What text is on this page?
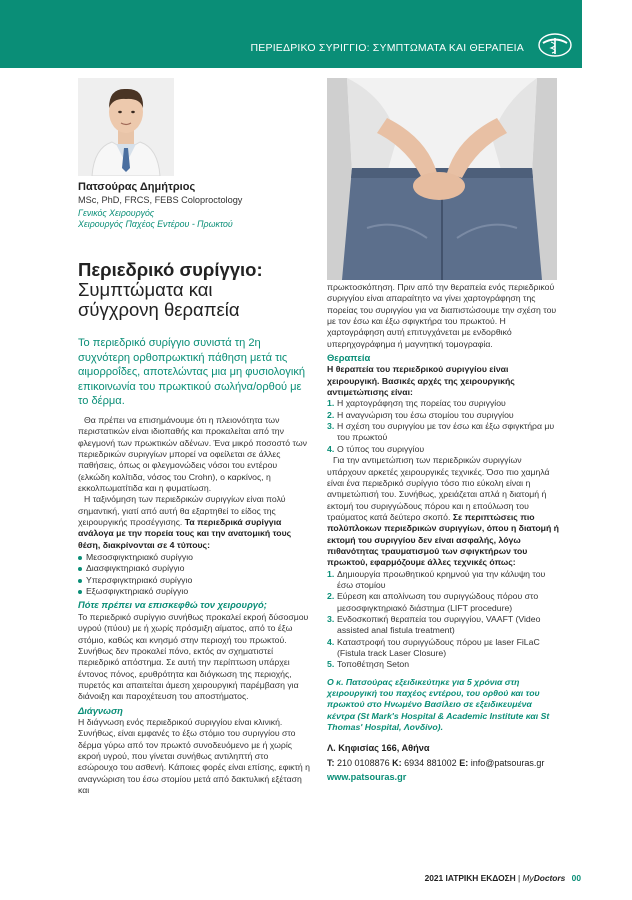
ΠΕΡΙΕΔΡΙΚΟ ΣΥΡΙΓΓΙΟ: ΣΥΜΠΤΩΜΑΤΑ ΚΑΙ ΘΕΡΑΠΕΙΑ

Πατσούρας Δημήτριος

MSc, PhD, FRCS, FEBS Coloproctology

Γενικός Χειρουργός

Χειρουργός Παχέος Εντέρου - Πρωκτού

Περιεδρικό συρίγγιο:
Συμπτώματα και
σύγχρονη θεραπεία

Το περιεδρικό συρίγγιο συνιστά τη 2η συχνότερη ορθοπρωκτική πάθηση μετά τις αιμορροΐδες, αποτελώντας μια μη φυσιολογική επικοινωνία του πρωκτικού σωλήνα/ορθού με το δέρμα.

Θα πρέπει να επισημάνουμε ότι η πλειονότητα των περιστατικών είναι ιδιοπαθής και προκαλείται από την φλεγμονή των πρωκτικών αδένων. Ένα μικρό ποσοστό των περιεδρικών συριγγίων μπορεί να οφείλεται σε άλλες παθήσεις, όπως οι φλεγμονώδεις νόσοι του εντέρου (ελκώδη κολίτιδα, νόσος του Crohn), ο καρκίνος, η εκκολπωματίτιδα και η φυματίωση.

Η ταξινόμηση των περιεδρικών συριγγίων είναι πολύ σημαντική, γιατί από αυτή θα εξαρτηθεί το είδος της χειρουργικής προσέγγισης. Τα περιεδρικά συρίγγια ανάλογα με την πορεία τους και την ανατομική τους θέση, διακρίνονται σε 4 τύπους:

Μεσοσφιγκτηριακό συρίγγιο
Διασφιγκτηριακό συρίγγιο
Υπερσφιγκτηριακό συρίγγιο
Εξωσφιγκτηριακό συρίγγιο

Πότε πρέπει να επισκεφθώ τον χειρουργό;

Το περιεδρικό συρίγγιο συνήθως προκαλεί εκροή δύσοσμου υγρού (πύου) με ή χωρίς πρόσμιξη αίματος, από το έξω στόμιο, καθώς και κνησμό στην περιοχή του πρωκτού. Συνήθως δεν προκαλεί πόνο, εκτός αν σχηματιστεί περιεδρικό απόστημα. Σε αυτή την περίπτωση υπάρχει έντονος πόνος, ερυθρότητα και διόγκωση της περιοχής, πυρετός και απαιτείται άμεση χειρουργική παρέμβαση για διάνοιξη και παροχέτευση του αποστήματος.

Διάγνωση

Η διάγνωση ενός περιεδρικού συριγγίου είναι κλινική. Συνήθως, είναι εμφανές το έξω στόμιο του συριγγίου στο δέρμα γύρω από τον πρωκτό συνοδευόμενο με ή χωρίς εκροή υγρού, που γίνεται συνήθως αντιληπτή στο εσώρουχο του ασθενή. Κάποιες φορές είναι επίσης, εφικτή η αναγνώριση του έσω στομίου μετά από δακτυλική εξέταση και

πρωκτοσκόπηση. Πριν από την θεραπεία ενός περιεδρικού συριγγίου είναι απαραίτητο να γίνει χαρτογράφηση της πορείας του συριγγίου για να διαπιστώσουμε την σχέση του με τον έσω και έξω σφιγκτήρα του πρωκτού. Η χαρτογράφηση αυτή επιτυγχάνεται με ενδορθικό υπερηχογράφημα ή μαγνητική τομογραφία.

Θεραπεία

Η θεραπεία του περιεδρικού συριγγίου είναι χειρουργική. Βασικές αρχές της χειρουργικής αντιμετώπισης είναι:

1. Η χαρτογράφηση της πορείας του συριγγίου
2. Η αναγνώριση του έσω στομίου του συριγγίου
3. Η σχέση του συριγγίου με τον έσω και έξω σφιγκτήρα μυ του πρωκτού
4. Ο τύπος του συριγγίου

Για την αντιμετώπιση των περιεδρικών συριγγίων υπάρχουν αρκετές χειρουργικές τεχνικές. Όσο πιο χαμηλά είναι ένα περιεδρικό συρίγγιο τόσο πιο εύκολη είναι η αντιμετώπισή του. Συνήθως, χρειάζεται απλά η διατομή ή εκτομή του συριγγώδους πόρου και η επούλωση του τραύματος κατά δεύτερο σκοπό. Σε περιπτώσεις πιο πολύπλοκων περιεδρικών συριγγίων, όπου η διατομή ή εκτομή του συριγγίου δεν είναι ασφαλής, λόγω πιθανότητας τραυματισμού των σφιγκτήρων του πρωκτού, εφαρμόζουμε άλλες τεχνικές όπως:

1. Δημιουργία προωθητικού κρημνού για την κάλυψη του έσω στομίου
2. Εύρεση και απολίνωση του συριγγώδους πόρου στο μεσοσφιγκτηριακό διάστημα (LIFT procedure)
3. Ενδοσκοπική θεραπεία του συριγγίου, VAAFT (Video assisted anal fistula treatment)
4. Καταστροφή του συριγγώδους πόρου με laser FiLaC (Fistula track Laser Closure)
5. Τοποθέτηση Seton

Ο κ. Πατσούρας εξειδικεύτηκε για 5 χρόνια στη χειρουργική του παχέος εντέρου, του ορθού και του πρωκτού στο Ηνωμένο Βασίλειο σε εξειδικευμένα κέντρα (St Mark's Hospital & Academic Institute και St Thomas' Hospital, Λονδίνο).

Λ. Κηφισίας 166, Αθήνα
Τ: 210 0108876 Κ: 6934 881002 Ε: info@patsouras.gr
www.patsouras.gr
2021 ΙΑΤΡΙΚΗ ΕΚΔΟΣΗ | MyDoctors 00
